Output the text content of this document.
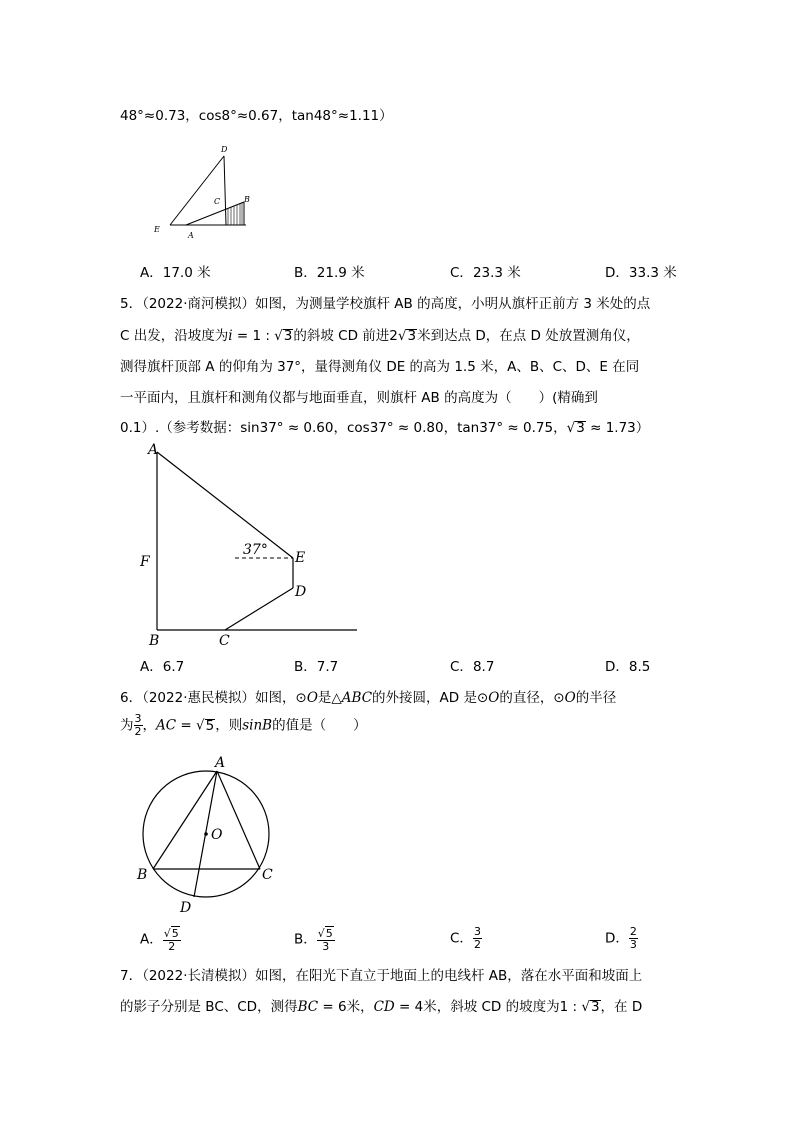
48°≈0.73，cos8°≈0.67，tan48°≈1.11）
D
C	B
E
A
A．17.0 米	B．21.9 米	C．23.3 米	D．33.3 米
5．（2022·商河模拟）如图，为测量学校旗杆 AB 的高度，小明从旗杆正前方 3 米处的点
C 出发，沿坡度为i = 1 : √3的斜坡 CD 前进2√3米到达点 D，在点 D 处放置测角仪，
测得旗杆顶部 A 的仰角为 37°，量得测角仪 DE 的高为 1.5 米，A、B、C、D、E 在同
一平面内，且旗杆和测角仪都与地面垂直，则旗杆 AB 的高度为（　　）(精确到
0.1）.（参考数据：sin37° ≈ 0.60，cos37° ≈ 0.80，tan37° ≈ 0.75，√3 ≈ 1.73）
A
F
B	C
D
E
37°
A．6.7	B．7.7	C．8.7	D．8.5
6．（2022·惠民模拟）如图，⊙O是△ABC的外接圆，AD 是⊙O的直径，⊙O的半径
为 $\frac{3}{2}$ ，AC = √5，则sinB的值是（　　）
A
O
B	C
D
A． $\frac{√5}{2}$	B． $\frac{√5}{3}$	C． $\frac{3}{2}$	D． $\frac{2}{3}$
7．（2022·长清模拟）如图，在阳光下直立于地面上的电线杆 AB，落在水平面和坡面上
的影子分别是 BC、CD，测得BC = 6米，CD = 4米，斜坡 CD 的坡度为1 : √3，在 D
